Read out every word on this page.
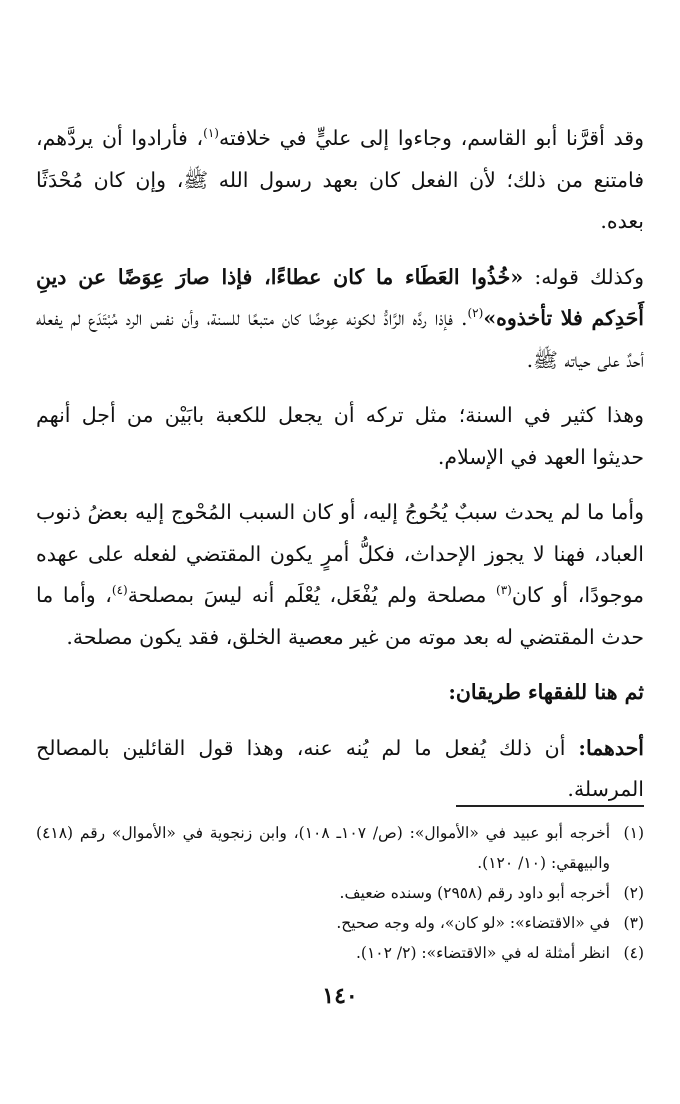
وقد أقرَّنا أبو القاسم، وجاءوا إلى عليٍّ في خلافته$^{(١)}$، فأرادوا أن يردَّهم، فامتنع من ذلك؛ لأن الفعل كان بعهد رسول الله ﷺ، وإن كان مُحْدَثًا بعده.

وكذلك قوله: «خُذُوا العَطَاء ما كان عطاءًا، فإذا صارَ عِوَضًا عن دينِ أَحَدِكم فلا تأخذوه»$^{(٢)}$. فإذا ردَّه الرَّادُّ لكونه عِوضًا كان متبعًا للسنة، وأن نفس الرد مُبْتَدَع لم يفعله أحدٌ على حياته ﷺ.

وهذا كثير في السنة؛ مثل تركه أن يجعل للكعبة بابَيْن من أجل أنهم حديثوا العهد في الإسلام.

وأما ما لم يحدث سببٌ يُحُوجُ إليه، أو كان السبب المُحْوج إليه بعضُ ذنوب العباد، فهنا لا يجوز الإحداث، فكلُّ أمرٍ يكون المقتضي لفعله على عهده موجودًا، أو كان$^{(٣)}$ مصلحة ولم يُفْعَل، يُعْلَم أنه ليسَ بمصلحة$^{(٤)}$، وأما ما حدث المقتضي له بعد موته من غير معصية الخلق، فقد يكون مصلحة.

ثم هنا للفقهاء طريقان:

أحدهما: أن ذلك يُفعل ما لم يُنه عنه، وهذا قول القائلين بالمصالح المرسلة.

(١)
أخرجه أبو عبيد في «الأموال»: (ص/ ١٠٧ـ ١٠٨)، وابن زنجوية في «الأموال» رقم (٤١٨) والبيهقي: (١٠/ ١٢٠).
(٢)
أخرجه أبو داود رقم (٢٩٥٨) وسنده ضعيف.
(٣)
في «الاقتضاء»: «لو كان»، وله وجه صحيح.
(٤)
انظر أمثلة له في «الاقتضاء»: (٢/ ١٠٢).
١٤٠
